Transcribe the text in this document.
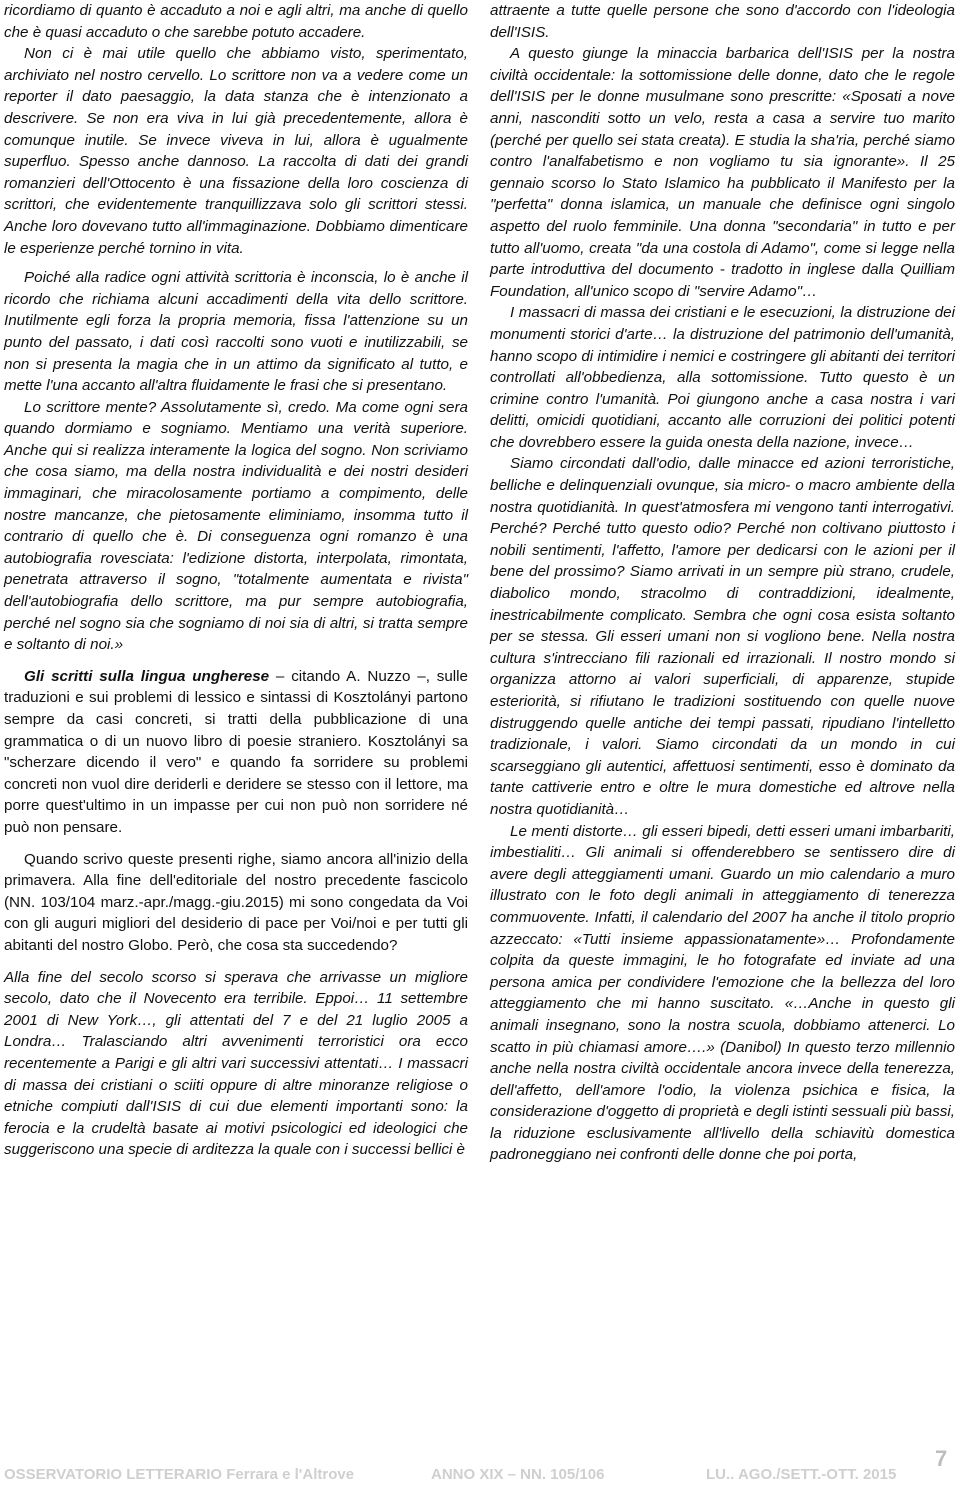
ricordiamo di quanto è accaduto a noi e agli altri, ma anche di quello che è quasi accaduto o che sarebbe potuto accadere.

Non ci è mai utile quello che abbiamo visto, sperimentato, archiviato nel nostro cervello. Lo scrittore non va a vedere come un reporter il dato paesaggio, la data stanza che è intenzionato a descrivere. Se non era viva in lui già precedentemente, allora è comunque inutile. Se invece viveva in lui, allora è ugualmente superfluo. Spesso anche dannoso. La raccolta di dati dei grandi romanzieri dell'Ottocento è una fissazione della loro coscienza di scrittori, che evidentemente tranquillizzava solo gli scrittori stessi. Anche loro dovevano tutto all'immaginazione. Dobbiamo dimenticare le esperienze perché tornino in vita.

Poiché alla radice ogni attività scrittoria è inconscia, lo è anche il ricordo che richiama alcuni accadimenti della vita dello scrittore. Inutilmente egli forza la propria memoria, fissa l'attenzione su un punto del passato, i dati così raccolti sono vuoti e inutilizzabili, se non si presenta la magia che in un attimo da significato al tutto, e mette l'una accanto all'altra fluidamente le frasi che si presentano.

Lo scrittore mente? Assolutamente sì, credo. Ma come ogni sera quando dormiamo e sogniamo. Mentiamo una verità superiore. Anche qui si realizza interamente la logica del sogno. Non scriviamo che cosa siamo, ma della nostra individualità e dei nostri desideri immaginari, che miracolosamente portiamo a compimento, delle nostre mancanze, che pietosamente eliminiamo, insomma tutto il contrario di quello che è. Di conseguenza ogni romanzo è una autobiografia rovesciata: l'edizione distorta, interpolata, rimontata, penetrata attraverso il sogno, "totalmente aumentata e rivista" dell'autobiografia dello scrittore, ma pur sempre autobiografia, perché nel sogno sia che sogniamo di noi sia di altri, si tratta sempre e soltanto di noi.»

Gli scritti sulla lingua ungherese – citando A. Nuzzo –, sulle traduzioni e sui problemi di lessico e sintassi di Kosztolányi partono sempre da casi concreti, si tratti della pubblicazione di una grammatica o di un nuovo libro di poesie straniero. Kosztolányi sa "scherzare dicendo il vero" e quando fa sorridere su problemi concreti non vuol dire deriderli e deridere se stesso con il lettore, ma porre quest'ultimo in un impasse per cui non può non sorridere né può non pensare.

Quando scrivo queste presenti righe, siamo ancora all'inizio della primavera. Alla fine dell'editoriale del nostro precedente fascicolo (NN. 103/104 marz.-apr./magg.-giu.2015) mi sono congedata da Voi con gli auguri migliori del desiderio di pace per Voi/noi e per tutti gli abitanti del nostro Globo. Però, che cosa sta succedendo?

Alla fine del secolo scorso si sperava che arrivasse un migliore secolo, dato che il Novecento era terribile. Eppoi… 11 settembre 2001 di New York…, gli attentati del 7 e del 21 luglio 2005 a Londra… Tralasciando altri avvenimenti terroristici ora ecco recentemente a Parigi e gli altri vari successivi attentati… I massacri di massa dei cristiani o sciiti oppure di altre minoranze religiose o etniche compiuti dall'ISIS di cui due elementi importanti sono: la ferocia e la crudeltà basate ai motivi psicologici ed ideologici che suggeriscono una specie di arditezza la quale con i successi bellici è

attraente a tutte quelle persone che sono d'accordo con l'ideologia dell'ISIS.

A questo giunge la minaccia barbarica dell'ISIS per la nostra civiltà occidentale: la sottomissione delle donne, dato che le regole dell'ISIS per le donne musulmane sono prescritte: «Sposati a nove anni, nasconditi sotto un velo, resta a casa a servire tuo marito (perché per quello sei stata creata). E studia la sha'ria, perché siamo contro l'analfabetismo e non vogliamo tu sia ignorante». Il 25 gennaio scorso lo Stato Islamico ha pubblicato il Manifesto per la "perfetta" donna islamica, un manuale che definisce ogni singolo aspetto del ruolo femminile. Una donna "secondaria" in tutto e per tutto all'uomo, creata "da una costola di Adamo", come si legge nella parte introduttiva del documento - tradotto in inglese dalla Quilliam Foundation, all'unico scopo di "servire Adamo"…

I massacri di massa dei cristiani e le esecuzioni, la distruzione dei monumenti storici d'arte… la distruzione del patrimonio dell'umanità, hanno scopo di intimidire i nemici e costringere gli abitanti dei territori controllati all'obbedienza, alla sottomissione. Tutto questo è un crimine contro l'umanità. Poi giungono anche a casa nostra i vari delitti, omicidi quotidiani, accanto alle corruzioni dei politici potenti che dovrebbero essere la guida onesta della nazione, invece…

Siamo circondati dall'odio, dalle minacce ed azioni terroristiche, belliche e delinquenziali ovunque, sia micro- o macro ambiente della nostra quotidianità. In quest'atmosfera mi vengono tanti interrogativi. Perché? Perché tutto questo odio? Perché non coltivano piuttosto i nobili sentimenti, l'affetto, l'amore per dedicarsi con le azioni per il bene del prossimo? Siamo arrivati in un sempre più strano, crudele, diabolico mondo, stracolmo di contraddizioni, idealmente, inestricabilmente complicato. Sembra che ogni cosa esista soltanto per se stessa. Gli esseri umani non si vogliono bene. Nella nostra cultura s'intrecciano fili razionali ed irrazionali. Il nostro mondo si organizza attorno ai valori superficiali, di apparenze, stupide esteriorità, si rifiutano le tradizioni sostituendo con quelle nuove distruggendo quelle antiche dei tempi passati, ripudiano l'intelletto tradizionale, i valori. Siamo circondati da un mondo in cui scarseggiano gli autentici, affettuosi sentimenti, esso è dominato da tante cattiverie entro e oltre le mura domestiche ed altrove nella nostra quotidianità…

Le menti distorte… gli esseri bipedi, detti esseri umani imbarbariti, imbestialiti… Gli animali si offenderebbero se sentissero dire di avere degli atteggiamenti umani. Guardo un mio calendario a muro illustrato con le foto degli animali in atteggiamento di tenerezza commuovente. Infatti, il calendario del 2007 ha anche il titolo proprio azzeccato: «Tutti insieme appassionatamente»… Profondamente colpita da queste immagini, le ho fotografate ed inviate ad una persona amica per condividere l'emozione che la bellezza del loro atteggiamento che mi hanno suscitato. «…Anche in questo gli animali insegnano, sono la nostra scuola, dobbiamo attenerci. Lo scatto in più chiamasi amore….» (Danibol) In questo terzo millennio anche nella nostra civiltà occidentale ancora invece della tenerezza, dell'affetto, dell'amore l'odio, la violenza psichica e fisica, la considerazione d'oggetto di proprietà e degli istinti sessuali più bassi, la riduzione esclusivamente all'livello della schiavitù domestica padroneggiano nei confronti delle donne che poi porta,

OSSERVATORIO LETTERARIO Ferrara e l'Altrove	ANNO XIX – NN. 105/106	LU.. AGO./SETT.-OTT. 2015
7
